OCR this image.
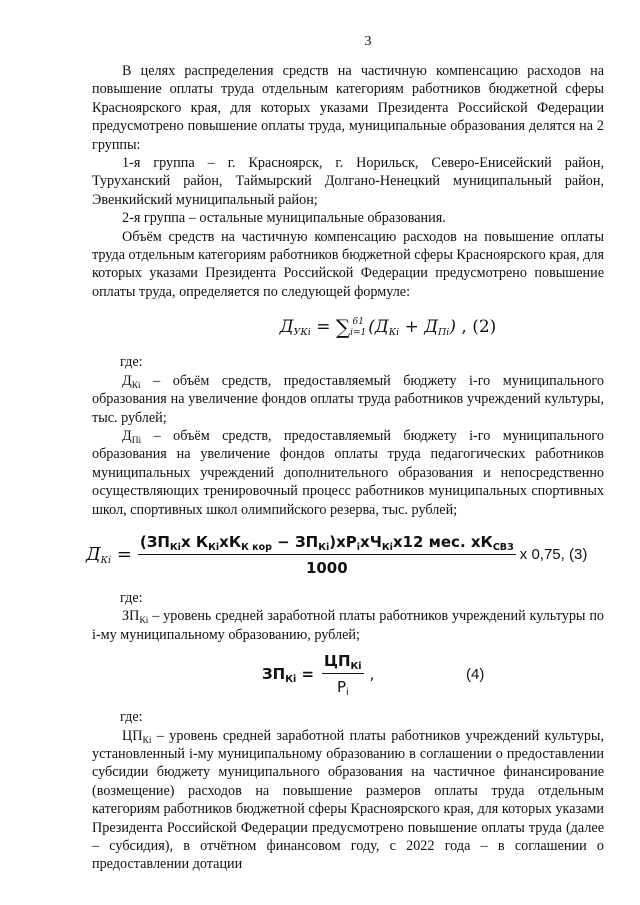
3

В целях распределения средств на частичную компенсацию расходов на повышение оплаты труда отдельным категориям работников бюджетной сферы Красноярского края, для которых указами Президента Российской Федерации предусмотрено повышение оплаты труда, муниципальные образования делятся на 2 группы:

1-я группа – г. Красноярск, г. Норильск, Северо-Енисейский район, Туруханский район, Таймырский Долгано-Ненецкий муниципальный район, Эвенкийский муниципальный район;

2-я группа – остальные муниципальные образования.

Объём средств на частичную компенсацию расходов на повышение оплаты труда отдельным категориям работников бюджетной сферы Красноярского края, для которых указами Президента Российской Федерации предусмотрено повышение оплаты труда, определяется по следующей формуле:

$Д_{УКi}$ = ∑ 61
i=1 $(Д_{Кi} + Д_{Пi})$ , (2)

где:

$Д_{Кi}$ – объём средств, предоставляемый бюджету i-го муниципального образования на увеличение фондов оплаты труда работников учреждений культуры, тыс. рублей;

$Д_{Пi}$ – объём средств, предоставляемый бюджету i-го муниципального образования на увеличение фондов оплаты труда педагогических работников муниципальных учреждений дополнительного образования и непосредственно осуществляющих тренировочный процесс работников муниципальных спортивных школ, спортивных школ олимпийского резерва, тыс. рублей;

$Д_{Кi} = \frac{(ЗП_{Кi}x К_{Кi}xК_{К кор} - ЗП_{Кi})xР_ixЧ_{Кi}x12 мес. xК_{СВЗ}}{1000}$ x 0,75, (3)

где:

$ЗП_{Кi}$ – уровень средней заработной платы работников учреждений культуры по i-му муниципальному образованию, рублей;

$ЗП_{Кi} = \frac{ЦП_{Кi}}{Р_i}$ ,	(4)

где:

$ЦП_{Кi}$ – уровень средней заработной платы работников учреждений культуры, установленный i-му муниципальному образованию в соглашении о предоставлении субсидии бюджету муниципального образования на частичное финансирование (возмещение) расходов на повышение размеров оплаты труда отдельным категориям работников бюджетной сферы Красноярского края, для которых указами Президента Российской Федерации предусмотрено повышение оплаты труда (далее – субсидия), в отчётном финансовом году, с 2022 года – в соглашении о предоставлении дотации
